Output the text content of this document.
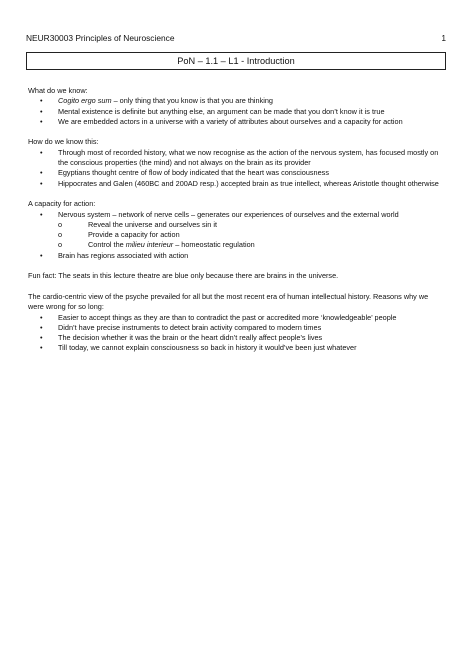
NEUR30003 Principles of Neuroscience	1
PoN – 1.1 – L1 - Introduction

What do we know:

• Cogito ergo sum – only thing that you know is that you are thinking
• Mental existence is definite but anything else, an argument can be made that you don’t know it is true
• We are embedded actors in a universe with a variety of attributes about ourselves and a capacity for action

How do we know this:

• Through most of recorded history, what we now recognise as the action of the nervous system, has focused mostly on the conscious properties (the mind) and not always on the brain as its provider
• Egyptians thought centre of flow of body indicated that the heart was consciousness
• Hippocrates and Galen (460BC and 200AD resp.) accepted brain as true intellect, whereas Aristotle thought otherwise

A capacity for action:

• Nervous system – network of nerve cells – generates our experiences of ourselves and the external world
o	Reveal the universe and ourselves sin it
o	Provide a capacity for action
o	Control the milieu interieur – homeostatic regulation
• Brain has regions associated with action

Fun fact: The seats in this lecture theatre are blue only because there are brains in the universe.

The cardio-centric view of the psyche prevailed for all but the most recent era of human intellectual history. Reasons why we were wrong for so long:

• Easier to accept things as they are than to contradict the past or accredited more ‘knowledgeable’ people
• Didn’t have precise instruments to detect brain activity compared to modern times
• The decision whether it was the brain or the heart didn’t really affect people’s lives
• Till today, we cannot explain consciousness so back in history it would’ve been just whatever
